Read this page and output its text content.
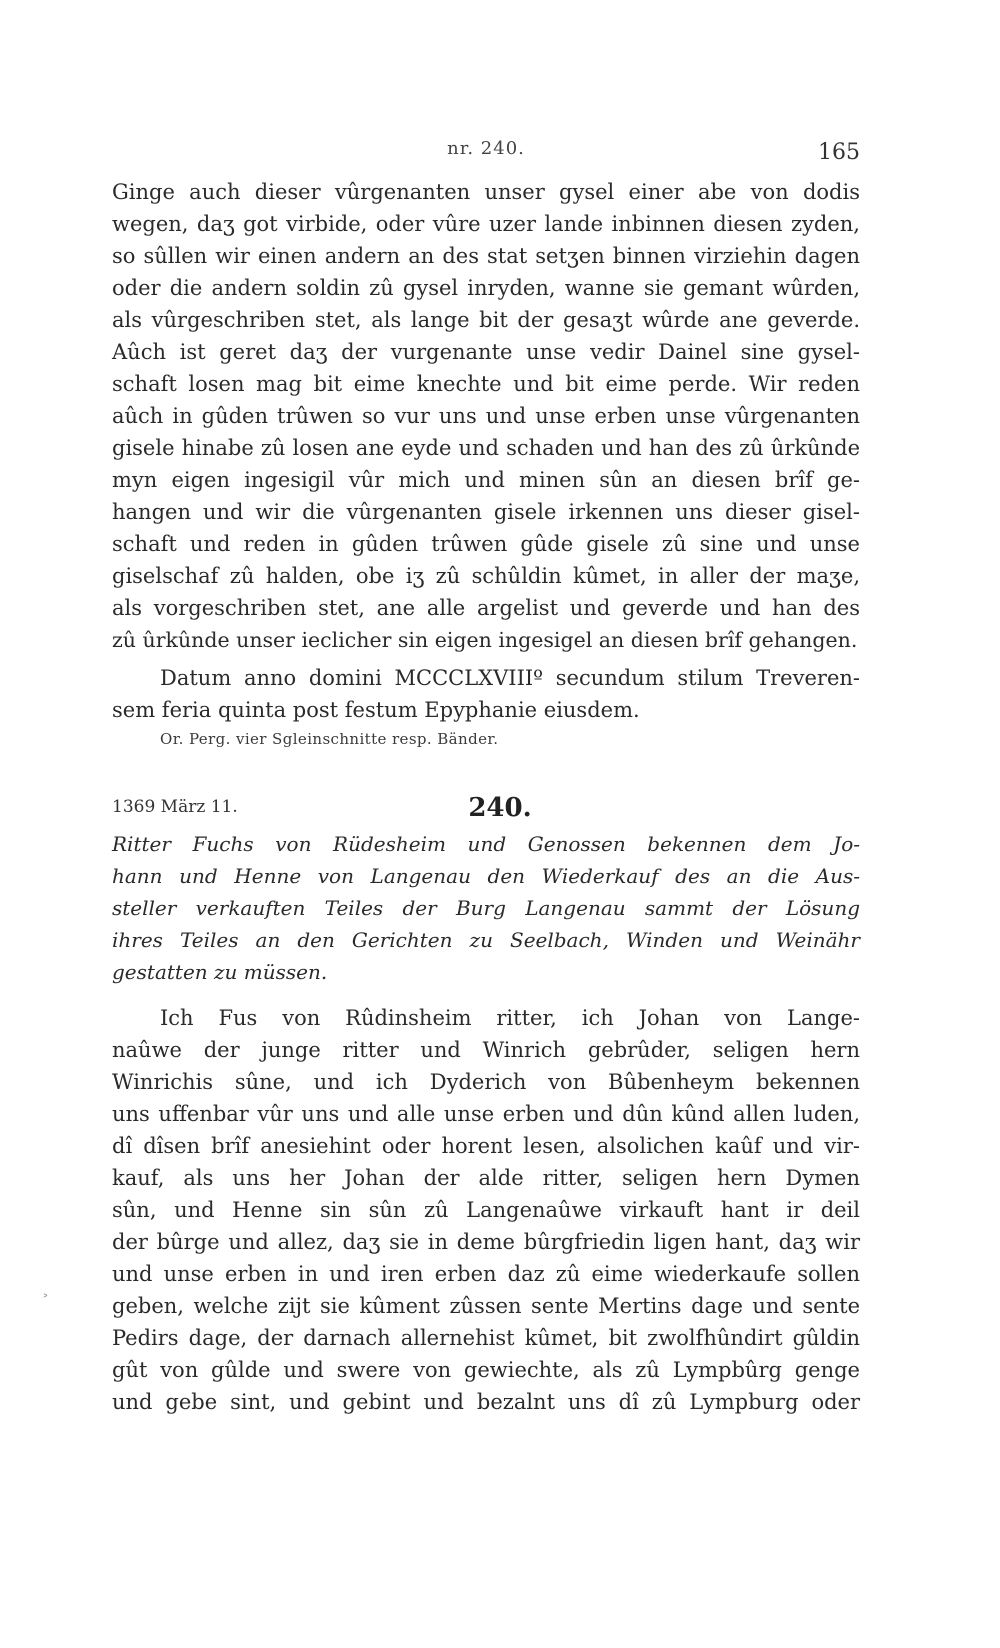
nr. 240.	165
Ginge auch dieser vûrgenanten unser gysel einer abe von dodis
wegen, daʒ got virbide, oder vûre uzer lande inbinnen diesen zyden,
so sûllen wir einen andern an des stat setʒen binnen virziehin dagen
oder die andern soldin zû gysel inryden, wanne sie gemant wûrden,
als vûrgeschriben stet, als lange bit der gesaʒt wûrde ane geverde.
Aûch ist geret daʒ der vurgenante unse vedir Dainel sine gysel-
schaft losen mag bit eime knechte und bit eime perde. Wir reden
aûch in gûden trûwen so vur uns und unse erben unse vûrgenanten
gisele hinabe zû losen ane eyde und schaden und han des zû ûrkûnde
myn eigen ingesigil vûr mich und minen sûn an diesen brîf ge-
hangen und wir die vûrgenanten gisele irkennen uns dieser gisel-
schaft und reden in gûden trûwen gûde gisele zû sine und unse
giselschaf zû halden, obe iʒ zû schûldin kûmet, in aller der maʒe,
als vorgeschriben stet, ane alle argelist und geverde und han des
zû ûrkûnde unser ieclicher sin eigen ingesigel an diesen brîf gehangen.
Datum anno domini MCCCLXVIIIº secundum stilum Treveren-
sem feria quinta post festum Epyphanie eiusdem.
Or. Perg. vier Sgleinschnitte resp. Bänder.
1369 März 11.	240.
Ritter Fuchs von Rüdesheim und Genossen bekennen dem Jo-
hann und Henne von Langenau den Wiederkauf des an die Aus-
steller verkauften Teiles der Burg Langenau sammt der Lösung
ihres Teiles an den Gerichten zu Seelbach, Winden und Weinähr
gestatten zu müssen.
Ich Fus von Rûdinsheim ritter, ich Johan von Lange-
naûwe der junge ritter und Winrich gebrûder, seligen hern
Winrichis sûne, und ich Dyderich von Bûbenheym bekennen
uns uffenbar vûr uns und alle unse erben und dûn kûnd allen luden,
dî dîsen brîf anesiehint oder horent lesen, alsolichen kaûf und vir-
kauf, als uns her Johan der alde ritter, seligen hern Dymen
sûn, und Henne sin sûn zû Langenaûwe virkauft hant ir deil
der bûrge und allez, daʒ sie in deme bûrgfriedin ligen hant, daʒ wir
und unse erben in und iren erben daz zû eime wiederkaufe sollen
geben, welche zijt sie kûment zûssen sente Mertins dage und sente
Pedirs dage, der darnach allernehist kûmet, bit zwolfhûndirt gûldin
gût von gûlde und swere von gewiechte, als zû Lympbûrg genge
und gebe sint, und gebint und bezalnt uns dî zû Lympburg oder
˃
